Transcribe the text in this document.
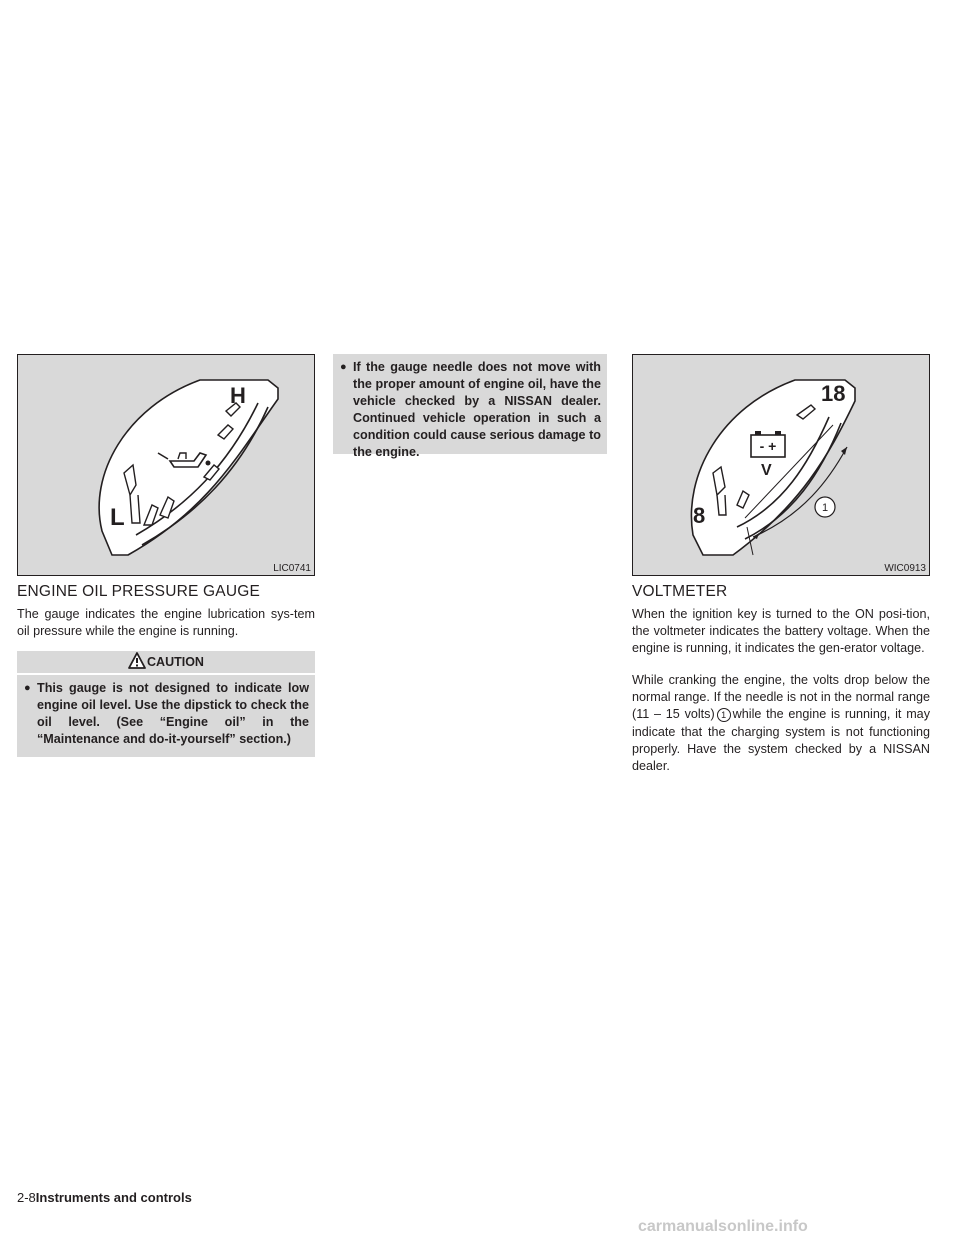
H
L
LIC0741
- +
18
8
V
1
WIC0913
ENGINE OIL PRESSURE GAUGE
The gauge indicates the engine lubrication sys-tem oil pressure while the engine is running.
CAUTION
● This gauge is not designed to indicate low engine oil level. Use the dipstick to check the oil level. (See “Engine oil” in the “Maintenance and do-it-yourself” section.)
● If the gauge needle does not move with the proper amount of engine oil, have the vehicle checked by a NISSAN dealer. Continued vehicle operation in such a condition could cause serious damage to the engine.
VOLTMETER
When the ignition key is turned to the ON posi-tion, the voltmeter indicates the battery voltage. When the engine is running, it indicates the gen-erator voltage.
While cranking the engine, the volts drop below the normal range. If the needle is not in the normal range (11 – 15 volts) 1 while the engine is running, it may indicate that the charging system is not functioning properly. Have the system checked by a NISSAN dealer.
2-8Instruments and controls
carmanualsonline.info
